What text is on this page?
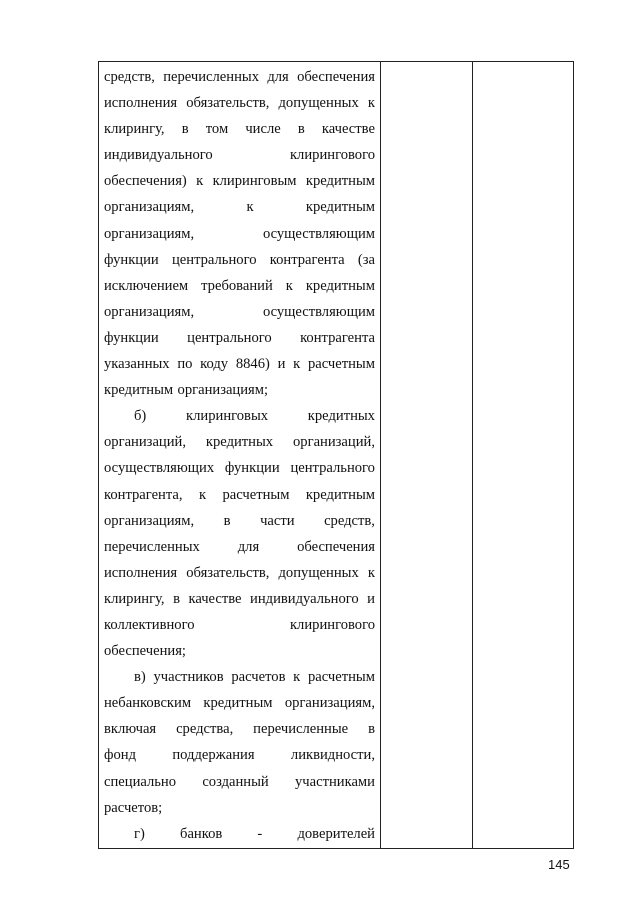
средств, перечисленных для обеспечения
исполнения обязательств, допущенных к
клирингу, в том числе в качестве
индивидуального	клирингового
обеспечения) к клиринговым кредитным
организациям,	к	кредитным
организациям,	осуществляющим
функции центрального контрагента (за
исключением требований к кредитным
организациям,	осуществляющим
функции центрального контрагента
указанных по коду 8846) и к расчетным
кредитным организациям;
б)	клиринговых	кредитных
организаций, кредитных организаций,
осуществляющих функции центрального
контрагента, к расчетным кредитным
организациям, в части средств,
перечисленных	для	обеспечения
исполнения обязательств, допущенных к
клирингу, в качестве индивидуального и
коллективного	клирингового
обеспечения;
в) участников расчетов к расчетным
небанковским кредитным организациям,
включая средства, перечисленные в
фонд поддержания ликвидности,
специально созданный участниками
расчетов;
г) банков - доверителей
145
